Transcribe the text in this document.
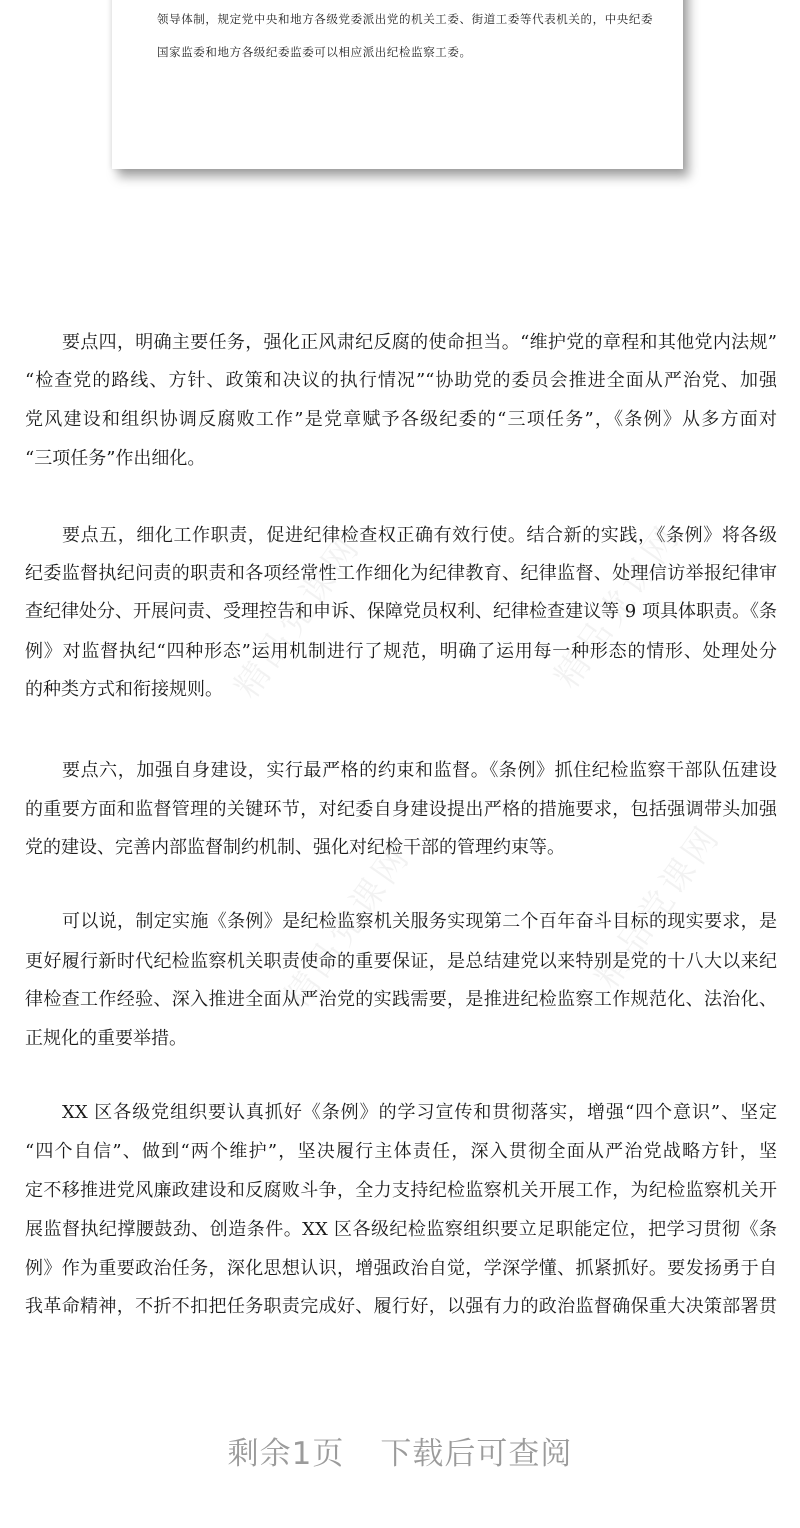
领导体制，规定党中央和地方各级党委派出党的机关工委、街道工委等代表机关的，中央纪委
国家监委和地方各级纪委监委可以相应派出纪检监察工委。
精品党课网	精品党课网
精品党课网	精品党课网
要点四，明确主要任务，强化正风肃纪反腐的使命担当。“维护党的章程和其他党内法规”
“检查党的路线、方针、政策和决议的执行情况”“协助党的委员会推进全面从严治党、加强
党风建设和组织协调反腐败工作”是党章赋予各级纪委的“三项任务”，《条例》从多方面对
“三项任务”作出细化。
要点五，细化工作职责，促进纪律检查权正确有效行使。结合新的实践，《条例》将各级
纪委监督执纪问责的职责和各项经常性工作细化为纪律教育、纪律监督、处理信访举报纪律审
查纪律处分、开展问责、受理控告和申诉、保障党员权利、纪律检查建议等 9 项具体职责。《条
例》对监督执纪“四种形态”运用机制进行了规范，明确了运用每一种形态的情形、处理处分
的种类方式和衔接规则。
要点六，加强自身建设，实行最严格的约束和监督。《条例》抓住纪检监察干部队伍建设
的重要方面和监督管理的关键环节，对纪委自身建设提出严格的措施要求，包括强调带头加强
党的建设、完善内部监督制约机制、强化对纪检干部的管理约束等。
可以说，制定实施《条例》是纪检监察机关服务实现第二个百年奋斗目标的现实要求，是
更好履行新时代纪检监察机关职责使命的重要保证，是总结建党以来特别是党的十八大以来纪
律检查工作经验、深入推进全面从严治党的实践需要，是推进纪检监察工作规范化、法治化、
正规化的重要举措。
XX 区各级党组织要认真抓好《条例》的学习宣传和贯彻落实，增强“四个意识”、坚定
“四个自信”、做到“两个维护”，坚决履行主体责任，深入贯彻全面从严治党战略方针，坚
定不移推进党风廉政建设和反腐败斗争，全力支持纪检监察机关开展工作，为纪检监察机关开
展监督执纪撑腰鼓劲、创造条件。XX 区各级纪检监察组织要立足职能定位，把学习贯彻《条
例》作为重要政治任务，深化思想认识，增强政治自觉，学深学懂、抓紧抓好。要发扬勇于自
我革命精神，不折不扣把任务职责完成好、履行好，以强有力的政治监督确保重大决策部署贯
剩余1页 下载后可查阅
